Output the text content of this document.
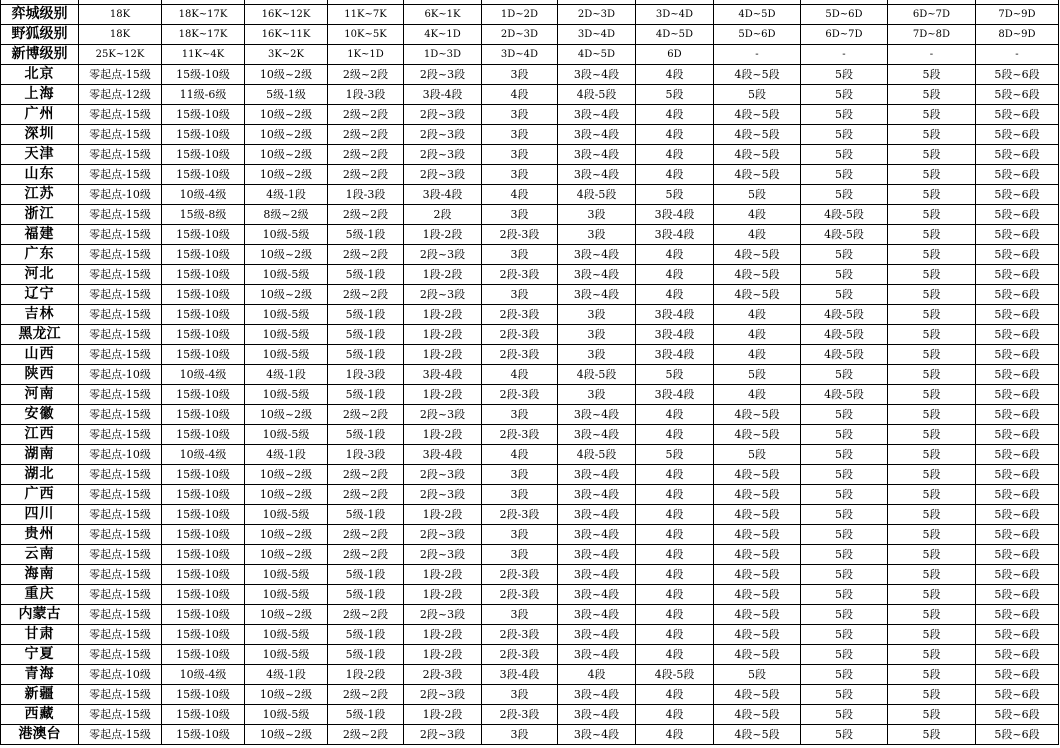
弈城级别	18K	18K~17K	16K~12K	11K~7K	6K~1K	1D~2D	2D~3D	3D~4D	4D~5D	5D~6D	6D~7D	7D~9D
野狐级别	18K	18K~17K	16K~11K	10K~5K	4K~1D	2D~3D	3D~4D	4D~5D	5D~6D	6D~7D	7D~8D	8D~9D
新博级别	25K~12K	11K~4K	3K~2K	1K~1D	1D~3D	3D~4D	4D~5D	6D	-	-	-	-
北京	零起点-15级	15级-10级	10级~2级	2级~2段	2段~3段	3段	3段~4段	4段	4段~5段	5段	5段	5段~6段
上海	零起点-12级	11级-6级	5级-1级	1段-3段	3段-4段	4段	4段-5段	5段	5段	5段	5段	5段~6段
广州	零起点-15级	15级-10级	10级~2级	2级~2段	2段~3段	3段	3段~4段	4段	4段~5段	5段	5段	5段~6段
深圳	零起点-15级	15级-10级	10级~2级	2级~2段	2段~3段	3段	3段~4段	4段	4段~5段	5段	5段	5段~6段
天津	零起点-15级	15级-10级	10级~2级	2级~2段	2段~3段	3段	3段~4段	4段	4段~5段	5段	5段	5段~6段
山东	零起点-15级	15级-10级	10级~2级	2级~2段	2段~3段	3段	3段~4段	4段	4段~5段	5段	5段	5段~6段
江苏	零起点-10级	10级-4级	4级-1段	1段-3段	3段-4段	4段	4段-5段	5段	5段	5段	5段	5段~6段
浙江	零起点-15级	15级-8级	8级~2级	2级~2段	2段	3段	3段	3段-4段	4段	4段-5段	5段	5段~6段
福建	零起点-15级	15级-10级	10级-5级	5级-1段	1段-2段	2段-3段	3段	3段-4段	4段	4段-5段	5段	5段~6段
广东	零起点-15级	15级-10级	10级~2级	2级~2段	2段~3段	3段	3段~4段	4段	4段~5段	5段	5段	5段~6段
河北	零起点-15级	15级-10级	10级-5级	5级-1段	1段-2段	2段-3段	3段~4段	4段	4段~5段	5段	5段	5段~6段
辽宁	零起点-15级	15级-10级	10级~2级	2级~2段	2段~3段	3段	3段~4段	4段	4段~5段	5段	5段	5段~6段
吉林	零起点-15级	15级-10级	10级-5级	5级-1段	1段-2段	2段-3段	3段	3段-4段	4段	4段-5段	5段	5段~6段
黑龙江	零起点-15级	15级-10级	10级-5级	5级-1段	1段-2段	2段-3段	3段	3段-4段	4段	4段-5段	5段	5段~6段
山西	零起点-15级	15级-10级	10级-5级	5级-1段	1段-2段	2段-3段	3段	3段-4段	4段	4段-5段	5段	5段~6段
陕西	零起点-10级	10级-4级	4级-1段	1段-3段	3段-4段	4段	4段-5段	5段	5段	5段	5段	5段~6段
河南	零起点-15级	15级-10级	10级-5级	5级-1段	1段-2段	2段-3段	3段	3段-4段	4段	4段-5段	5段	5段~6段
安徽	零起点-15级	15级-10级	10级~2级	2级~2段	2段~3段	3段	3段~4段	4段	4段~5段	5段	5段	5段~6段
江西	零起点-15级	15级-10级	10级-5级	5级-1段	1段-2段	2段-3段	3段~4段	4段	4段~5段	5段	5段	5段~6段
湖南	零起点-10级	10级-4级	4级-1段	1段-3段	3段-4段	4段	4段-5段	5段	5段	5段	5段	5段~6段
湖北	零起点-15级	15级-10级	10级~2级	2级~2段	2段~3段	3段	3段~4段	4段	4段~5段	5段	5段	5段~6段
广西	零起点-15级	15级-10级	10级~2级	2级~2段	2段~3段	3段	3段~4段	4段	4段~5段	5段	5段	5段~6段
四川	零起点-15级	15级-10级	10级-5级	5级-1段	1段-2段	2段-3段	3段~4段	4段	4段~5段	5段	5段	5段~6段
贵州	零起点-15级	15级-10级	10级~2级	2级~2段	2段~3段	3段	3段~4段	4段	4段~5段	5段	5段	5段~6段
云南	零起点-15级	15级-10级	10级~2级	2级~2段	2段~3段	3段	3段~4段	4段	4段~5段	5段	5段	5段~6段
海南	零起点-15级	15级-10级	10级-5级	5级-1段	1段-2段	2段-3段	3段~4段	4段	4段~5段	5段	5段	5段~6段
重庆	零起点-15级	15级-10级	10级-5级	5级-1段	1段-2段	2段-3段	3段~4段	4段	4段~5段	5段	5段	5段~6段
内蒙古	零起点-15级	15级-10级	10级~2级	2级~2段	2段~3段	3段	3段~4段	4段	4段~5段	5段	5段	5段~6段
甘肃	零起点-15级	15级-10级	10级-5级	5级-1段	1段-2段	2段-3段	3段~4段	4段	4段~5段	5段	5段	5段~6段
宁夏	零起点-15级	15级-10级	10级-5级	5级-1段	1段-2段	2段-3段	3段~4段	4段	4段~5段	5段	5段	5段~6段
青海	零起点-10级	10级-4级	4级-1段	1段-2段	2段-3段	3段-4段	4段	4段-5段	5段	5段	5段	5段~6段
新疆	零起点-15级	15级-10级	10级~2级	2级~2段	2段~3段	3段	3段~4段	4段	4段~5段	5段	5段	5段~6段
西藏	零起点-15级	15级-10级	10级-5级	5级-1段	1段-2段	2段-3段	3段~4段	4段	4段~5段	5段	5段	5段~6段
港澳台	零起点-15级	15级-10级	10级~2级	2级~2段	2段~3段	3段	3段~4段	4段	4段~5段	5段	5段	5段~6段
